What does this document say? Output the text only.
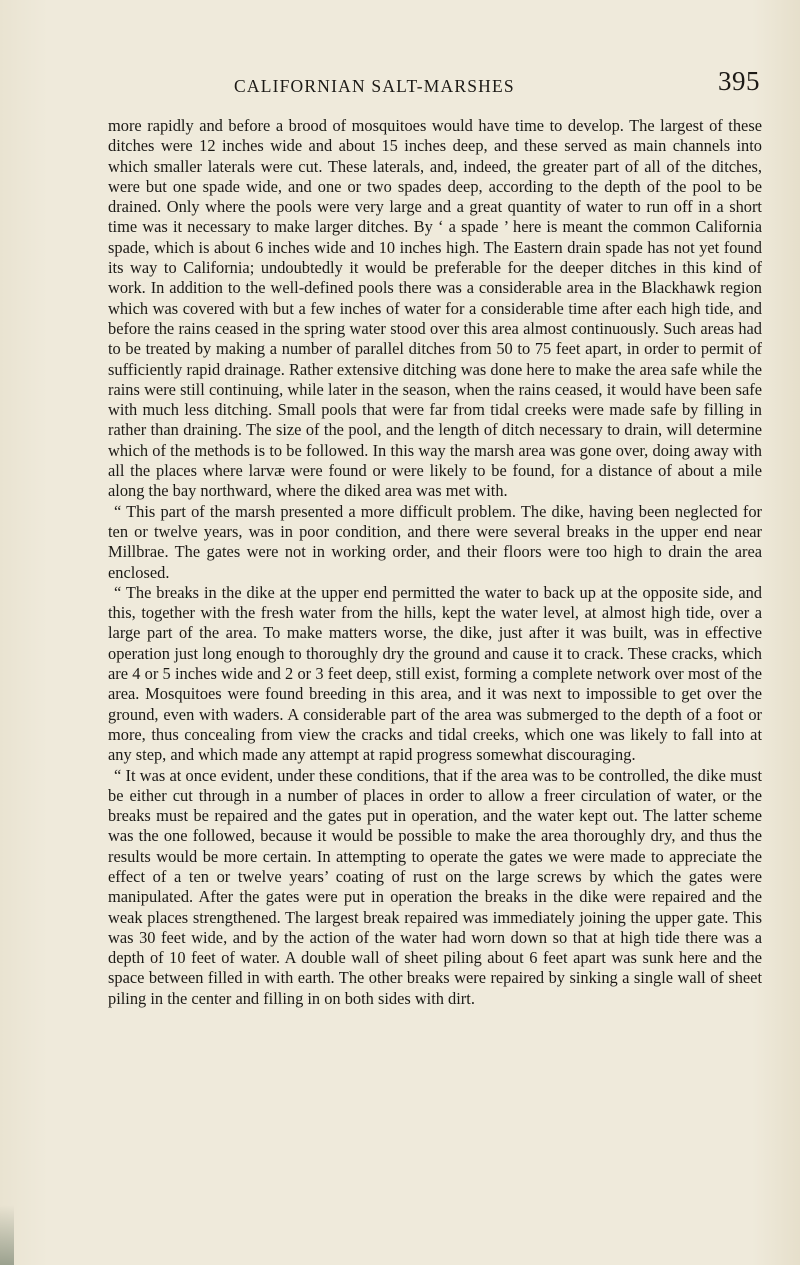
CALIFORNIAN SALT-MARSHES	395

more rapidly and before a brood of mosquitoes would have time to develop. The largest of these ditches were 12 inches wide and about 15 inches deep, and these served as main channels into which smaller laterals were cut. These laterals, and, indeed, the greater part of all of the ditches, were but one spade wide, and one or two spades deep, according to the depth of the pool to be drained. Only where the pools were very large and a great quantity of water to run off in a short time was it necessary to make larger ditches. By ‘ a spade ’ here is meant the common California spade, which is about 6 inches wide and 10 inches high. The Eastern drain spade has not yet found its way to California; undoubtedly it would be preferable for the deeper ditches in this kind of work. In addition to the well-defined pools there was a considerable area in the Blackhawk region which was covered with but a few inches of water for a considerable time after each high tide, and before the rains ceased in the spring water stood over this area almost continuously. Such areas had to be treated by making a number of parallel ditches from 50 to 75 feet apart, in order to permit of sufficiently rapid drainage. Rather extensive ditching was done here to make the area safe while the rains were still continuing, while later in the season, when the rains ceased, it would have been safe with much less ditching. Small pools that were far from tidal creeks were made safe by filling in rather than draining. The size of the pool, and the length of ditch necessary to drain, will determine which of the methods is to be followed. In this way the marsh area was gone over, doing away with all the places where larvæ were found or were likely to be found, for a distance of about a mile along the bay northward, where the diked area was met with.

“ This part of the marsh presented a more difficult problem. The dike, having been neglected for ten or twelve years, was in poor condition, and there were several breaks in the upper end near Millbrae. The gates were not in working order, and their floors were too high to drain the area enclosed.

“ The breaks in the dike at the upper end permitted the water to back up at the opposite side, and this, together with the fresh water from the hills, kept the water level, at almost high tide, over a large part of the area. To make matters worse, the dike, just after it was built, was in effective operation just long enough to thoroughly dry the ground and cause it to crack. These cracks, which are 4 or 5 inches wide and 2 or 3 feet deep, still exist, forming a complete network over most of the area. Mosquitoes were found breeding in this area, and it was next to impossible to get over the ground, even with waders. A considerable part of the area was submerged to the depth of a foot or more, thus concealing from view the cracks and tidal creeks, which one was likely to fall into at any step, and which made any attempt at rapid progress somewhat discouraging.

“ It was at once evident, under these conditions, that if the area was to be controlled, the dike must be either cut through in a number of places in order to allow a freer circulation of water, or the breaks must be repaired and the gates put in operation, and the water kept out. The latter scheme was the one followed, because it would be possible to make the area thoroughly dry, and thus the results would be more certain. In attempting to operate the gates we were made to appreciate the effect of a ten or twelve years’ coating of rust on the large screws by which the gates were manipulated. After the gates were put in operation the breaks in the dike were repaired and the weak places strengthened. The largest break repaired was immediately joining the upper gate. This was 30 feet wide, and by the action of the water had worn down so that at high tide there was a depth of 10 feet of water. A double wall of sheet piling about 6 feet apart was sunk here and the space between filled in with earth. The other breaks were repaired by sinking a single wall of sheet piling in the center and filling in on both sides with dirt.
